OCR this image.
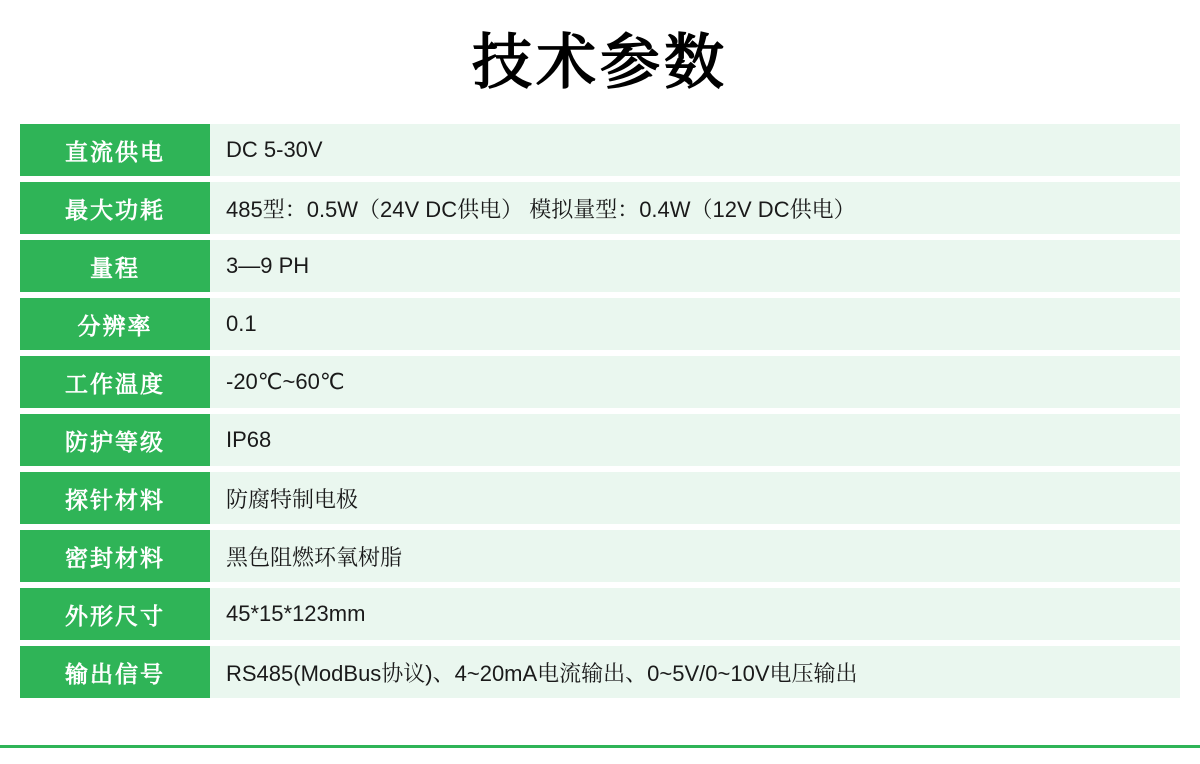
技术参数
直流供电	DC 5-30V
最大功耗	485型：0.5W（24V DC供电） 模拟量型：0.4W（12V DC供电）
量程	3—9 PH
分辨率	0.1
工作温度	-20℃~60℃
防护等级	IP68
探针材料	防腐特制电极
密封材料	黑色阻燃环氧树脂
外形尺寸	45*15*123mm
输出信号	RS485(ModBus协议)、4~20mA电流输出、0~5V/0~10V电压输出
